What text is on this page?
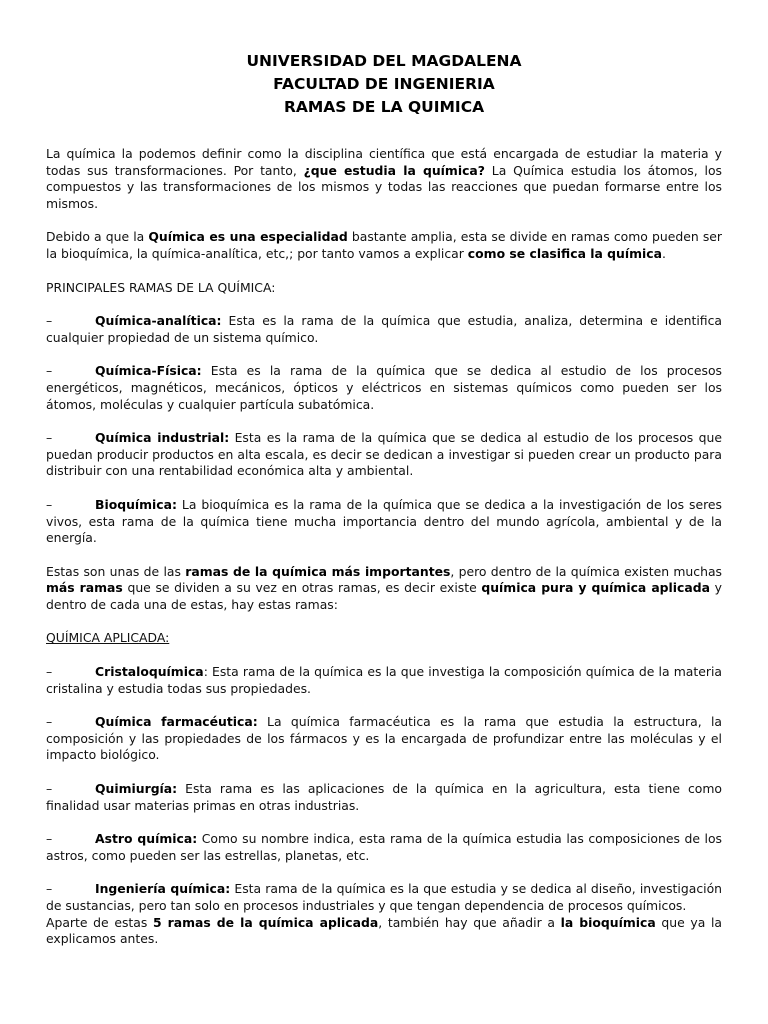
UNIVERSIDAD DEL MAGDALENA
FACULTAD DE INGENIERIA
RAMAS DE LA QUIMICA

La química la podemos definir como la disciplina científica que está encargada de estudiar la materia y todas sus transformaciones. Por tanto, ¿que estudia la química? La Química estudia los átomos, los compuestos y las transformaciones de los mismos y todas las reacciones que puedan formarse entre los mismos.

Debido a que la Química es una especialidad bastante amplia, esta se divide en ramas como pueden ser la bioquímica, la química-analítica, etc,; por tanto vamos a explicar como se clasifica la química.

PRINCIPALES RAMAS DE LA QUÍMICA:

–	Química-analítica: Esta es la rama de la química que estudia, analiza, determina e identifica cualquier propiedad de un sistema químico.

–	Química-Física: Esta es la rama de la química que se dedica al estudio de los procesos energéticos, magnéticos, mecánicos, ópticos y eléctricos en sistemas químicos como pueden ser los átomos, moléculas y cualquier partícula subatómica.

–	Química industrial: Esta es la rama de la química que se dedica al estudio de los procesos que puedan producir productos en alta escala, es decir se dedican a investigar si pueden crear un producto para distribuir con una rentabilidad económica alta y ambiental.

–	Bioquímica: La bioquímica es la rama de la química que se dedica a la investigación de los seres vivos, esta rama de la química tiene mucha importancia dentro del mundo agrícola, ambiental y de la energía.

Estas son unas de las ramas de la química más importantes, pero dentro de la química existen muchas más ramas que se dividen a su vez en otras ramas, es decir existe química pura y química aplicada y dentro de cada una de estas, hay estas ramas:

QUÍMICA APLICADA:

–	Cristaloquímica: Esta rama de la química es la que investiga la composición química de la materia cristalina y estudia todas sus propiedades.

–	Química farmacéutica: La química farmacéutica es la rama que estudia la estructura, la composición y las propiedades de los fármacos y es la encargada de profundizar entre las moléculas y el impacto biológico.

–	Quimiurgía: Esta rama es las aplicaciones de la química en la agricultura, esta tiene como finalidad usar materias primas en otras industrias.

–	Astro química: Como su nombre indica, esta rama de la química estudia las composiciones de los astros, como pueden ser las estrellas, planetas, etc.

–	Ingeniería química: Esta rama de la química es la que estudia y se dedica al diseño, investigación de sustancias, pero tan solo en procesos industriales y que tengan dependencia de procesos químicos.

Aparte de estas 5 ramas de la química aplicada, también hay que añadir a la bioquímica que ya la explicamos antes.
